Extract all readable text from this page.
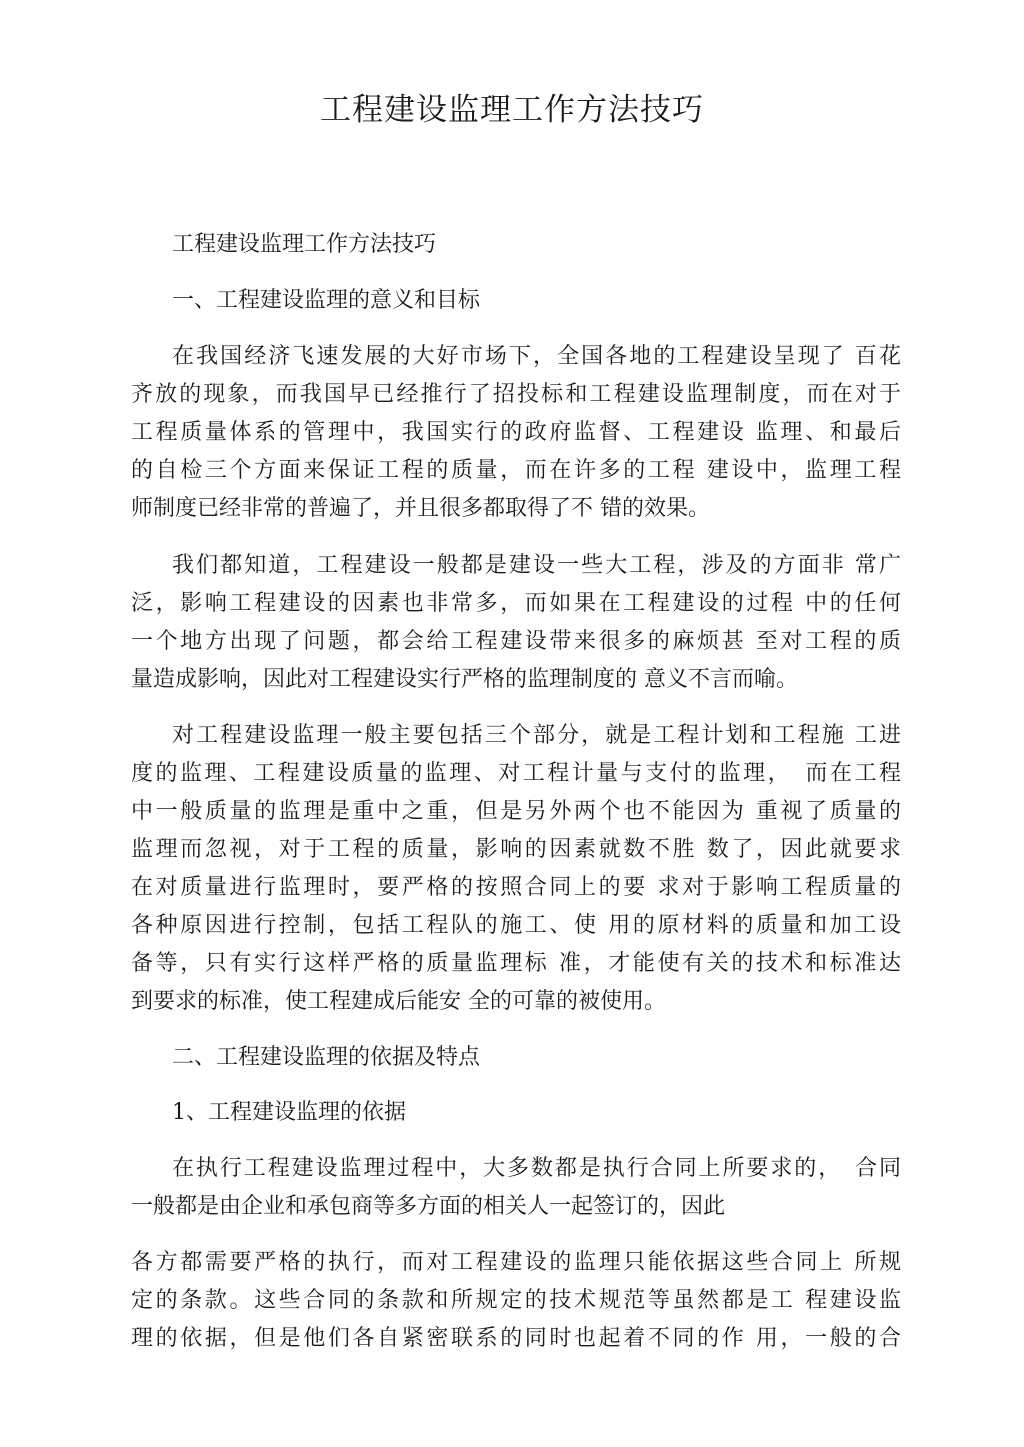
工程建设监理工作方法技巧
工程建设监理工作方法技巧
一、工程建设监理的意义和目标
在我国经济飞速发展的大好市场下，全国各地的工程建设呈现了 百花
齐放的现象，而我国早已经推行了招投标和工程建设监理制度，而在对于
工程质量体系的管理中，我国实行的政府监督、工程建设 监理、和最后
的自检三个方面来保证工程的质量，而在许多的工程 建设中，监理工程
师制度已经非常的普遍了，并且很多都取得了不 错的效果。
我们都知道，工程建设一般都是建设一些大工程，涉及的方面非 常广
泛，影响工程建设的因素也非常多，而如果在工程建设的过程 中的任何
一个地方出现了问题，都会给工程建设带来很多的麻烦甚 至对工程的质
量造成影响，因此对工程建设实行严格的监理制度的 意义不言而喻。
对工程建设监理一般主要包括三个部分，就是工程计划和工程施 工进
度的监理、工程建设质量的监理、对工程计量与支付的监理，　而在工程
中一般质量的监理是重中之重，但是另外两个也不能因为 重视了质量的
监理而忽视，对于工程的质量，影响的因素就数不胜 数了，因此就要求
在对质量进行监理时，要严格的按照合同上的要 求对于影响工程质量的
各种原因进行控制，包括工程队的施工、使 用的原材料的质量和加工设
备等，只有实行这样严格的质量监理标 准，才能使有关的技术和标准达
到要求的标准，使工程建成后能安 全的可靠的被使用。
二、工程建设监理的依据及特点
1、工程建设监理的依据
在执行工程建设监理过程中，大多数都是执行合同上所要求的，　合同
一般都是由企业和承包商等多方面的相关人一起签订的，因此
各方都需要严格的执行，而对工程建设的监理只能依据这些合同上 所规
定的条款。这些合同的条款和所规定的技术规范等虽然都是工 程建设监
理的依据，但是他们各自紧密联系的同时也起着不同的作 用，一般的合
